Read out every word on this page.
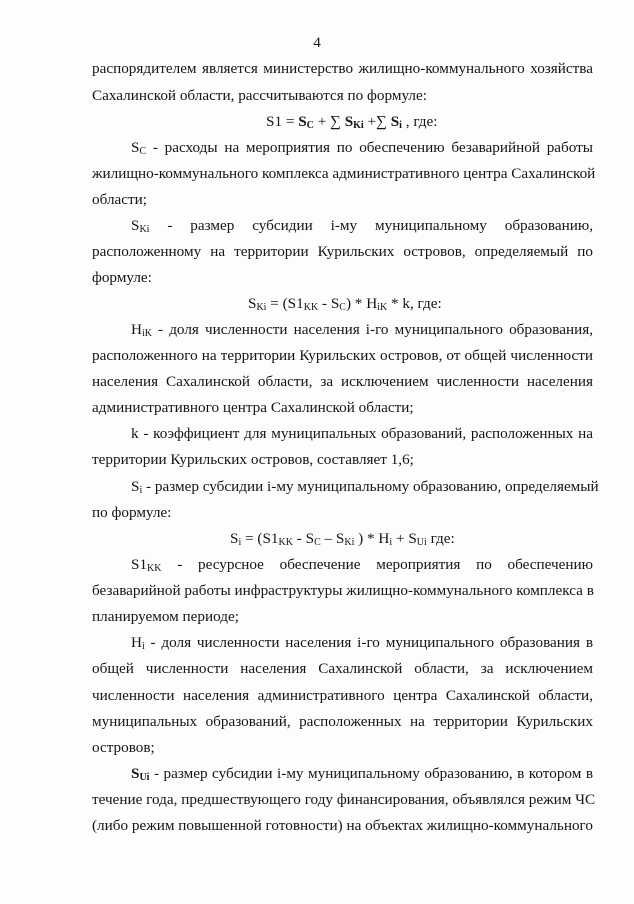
4
распорядителем является министерство жилищно-коммунального хозяйства
Сахалинской области, рассчитываются по формуле:
$S1 = S_C$ + ∑ $S_{Ki}$ +∑ $S_i$ , где:
$S_C$ - расходы на мероприятия по обеспечению безаварийной работы
жилищно-коммунального комплекса административного центра Сахалинской
области;
$S_{Ki}$ - размер субсидии i-му муниципальному образованию,
расположенному на территории Курильских островов, определяемый по
формуле:
$S_{Ki} = (S1_{KK} - S_C) * H_{iK} * k$, где:
$H_{iK}$ - доля численности населения i-го муниципального образования,
расположенного на территории Курильских островов, от общей численности
населения Сахалинской области, за исключением численности населения
административного центра Сахалинской области;
k - коэффициент для муниципальных образований, расположенных на
территории Курильских островов, составляет 1,6;
$S_i$ - размер субсидии i-му муниципальному образованию, определяемый
по формуле:
$S_i = (S1_{KK} - S_C - S_{Ki}$ ) * $H_i + S_{Ui}$ где:
$S1_{KK}$ - ресурсное обеспечение мероприятия по обеспечению
безаварийной работы инфраструктуры жилищно-коммунального комплекса в
планируемом периоде;
$H_i$ - доля численности населения i-го муниципального образования в
общей численности населения Сахалинской области, за исключением
численности населения административного центра Сахалинской области,
муниципальных образований, расположенных на территории Курильских
островов;
$S_{Ui}$ - размер субсидии i-му муниципальному образованию, в котором в
течение года, предшествующего году финансирования, объявлялся режим ЧС
(либо режим повышенной готовности) на объектах жилищно-коммунального
